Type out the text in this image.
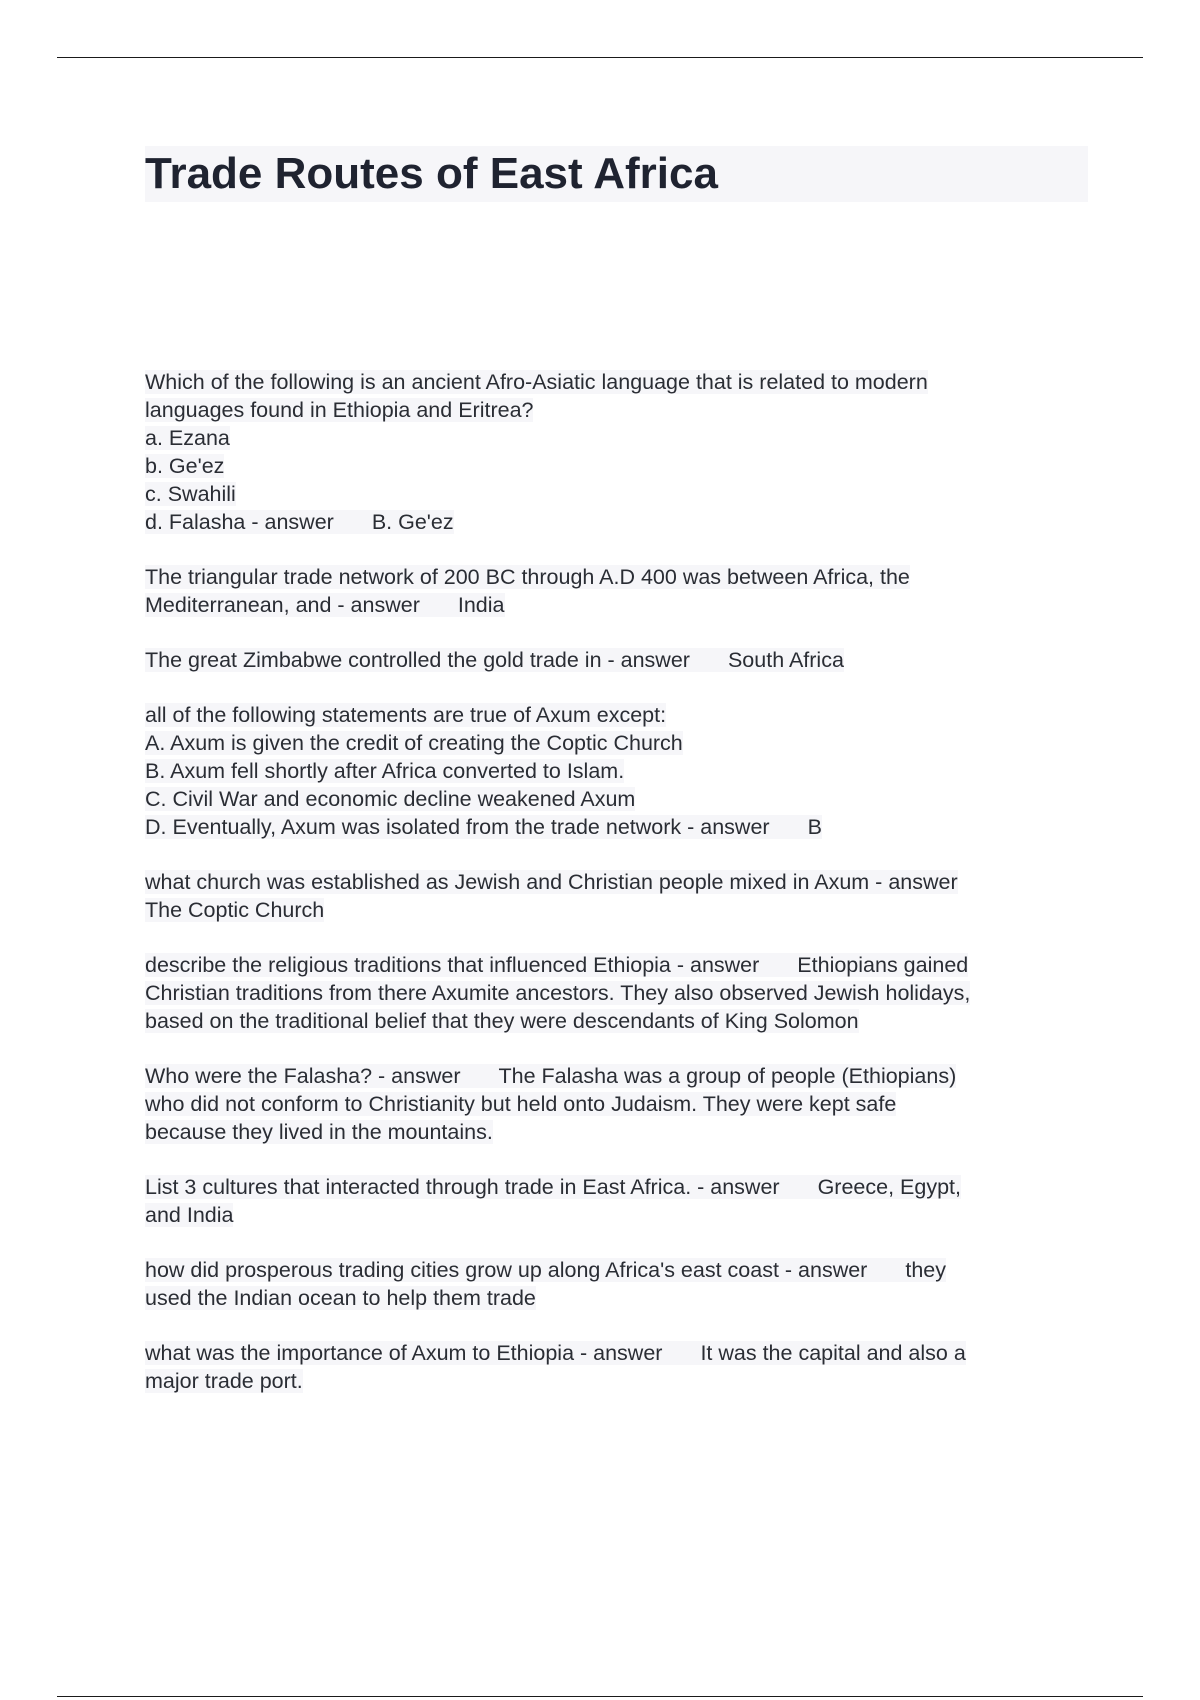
Trade Routes of East Africa
Which of the following is an ancient Afro-Asiatic language that is related to modern
languages found in Ethiopia and Eritrea?
a. Ezana
b. Ge'ez
c. Swahili
d. Falasha - answer B. Ge'ez
The triangular trade network of 200 BC through A.D 400 was between Africa, the
Mediterranean, and - answer India
The great Zimbabwe controlled the gold trade in - answer South Africa
all of the following statements are true of Axum except:
A. Axum is given the credit of creating the Coptic Church
B. Axum fell shortly after Africa converted to Islam.
C. Civil War and economic decline weakened Axum
D. Eventually, Axum was isolated from the trade network - answer B
what church was established as Jewish and Christian people mixed in Axum - answer
The Coptic Church
describe the religious traditions that influenced Ethiopia - answer Ethiopians gained
Christian traditions from there Axumite ancestors. They also observed Jewish holidays,
based on the traditional belief that they were descendants of King Solomon
Who were the Falasha? - answer The Falasha was a group of people (Ethiopians)
who did not conform to Christianity but held onto Judaism. They were kept safe
because they lived in the mountains.
List 3 cultures that interacted through trade in East Africa. - answer Greece, Egypt,
and India
how did prosperous trading cities grow up along Africa's east coast - answer they
used the Indian ocean to help them trade
what was the importance of Axum to Ethiopia - answer It was the capital and also a
major trade port.
